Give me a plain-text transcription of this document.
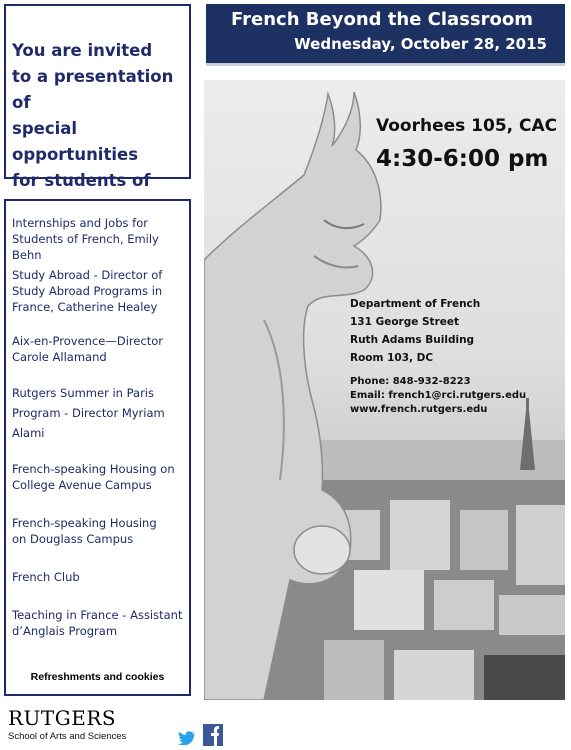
You are invited
to a presentation of
special opportunities
for students of

Internships and Jobs for
Students of French, Emily Behn
Study Abroad - Director of
Study Abroad Programs in
France, Catherine Healey
Aix-en-Provence—Director
Carole Allamand
Rutgers Summer in Paris
Program - Director Myriam
Alami
French-speaking Housing on
College Avenue Campus
French-speaking Housing
on Douglass Campus
French Club
Teaching in France - Assistant
d’Anglais Program
Refreshments and cookies
French Beyond the Classroom
Wednesday, October 28, 2015
Voorhees 105, CAC
4:30-6:00 pm
Department of French
131 George Street
Ruth Adams Building
Room 103, DC
Phone: 848-932-8223
Email: french1@rci.rutgers.edu
www.french.rutgers.edu
RUTGERS
School of Arts and Sciences
